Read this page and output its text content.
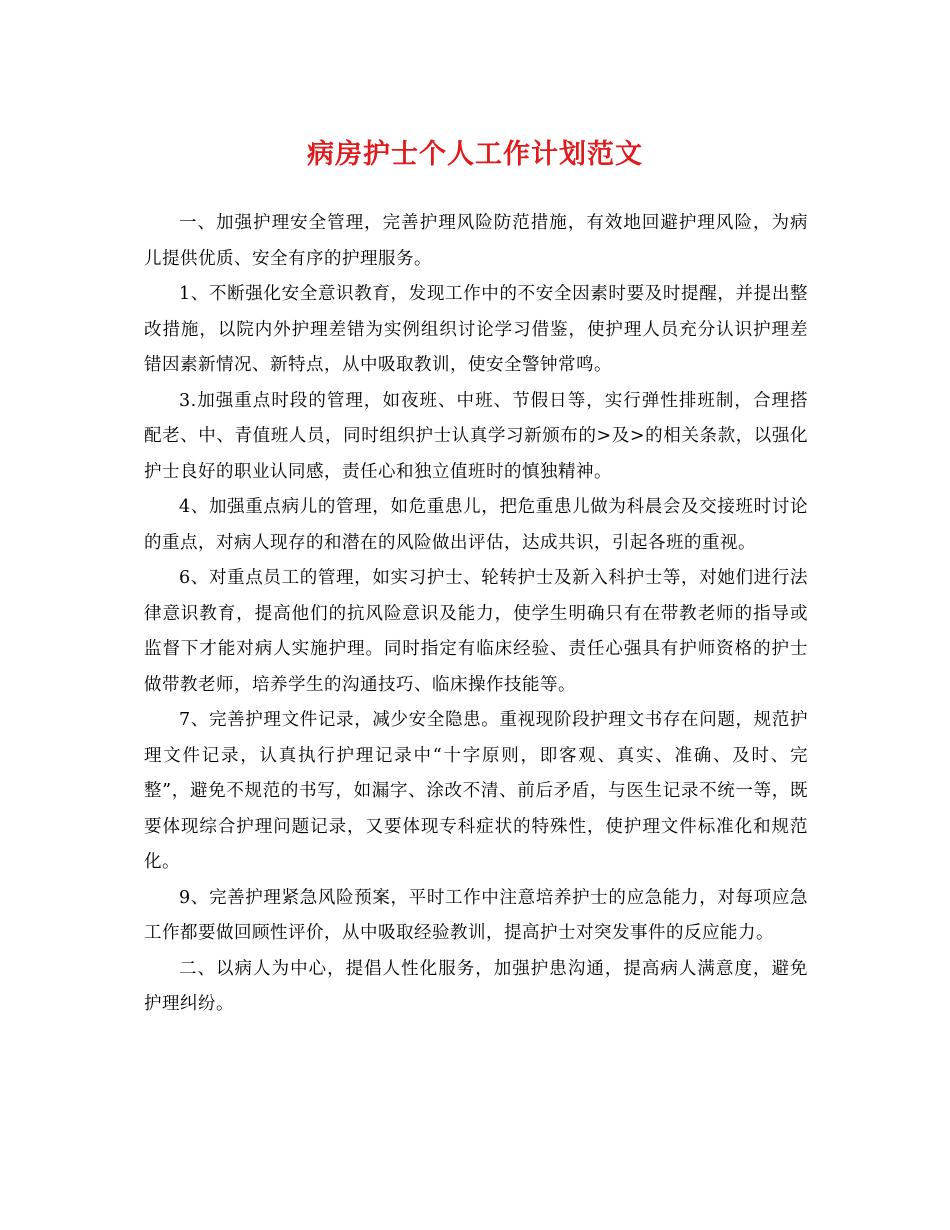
病房护士个人工作计划范文

一、加强护理安全管理，完善护理风险防范措施，有效地回避护理风险，为病儿提供优质、安全有序的护理服务。

1、不断强化安全意识教育，发现工作中的不安全因素时要及时提醒，并提出整改措施，以院内外护理差错为实例组织讨论学习借鉴，使护理人员充分认识护理差错因素新情况、新特点，从中吸取教训，使安全警钟常鸣。

3.加强重点时段的管理，如夜班、中班、节假日等，实行弹性排班制，合理搭配老、中、青值班人员，同时组织护士认真学习新颁布的>及>的相关条款，以强化护士良好的职业认同感，责任心和独立值班时的慎独精神。

4、加强重点病儿的管理，如危重患儿，把危重患儿做为科晨会及交接班时讨论的重点，对病人现存的和潜在的风险做出评估，达成共识，引起各班的重视。

6、对重点员工的管理，如实习护士、轮转护士及新入科护士等，对她们进行法律意识教育，提高他们的抗风险意识及能力，使学生明确只有在带教老师的指导或监督下才能对病人实施护理。同时指定有临床经验、责任心强具有护师资格的护士做带教老师，培养学生的沟通技巧、临床操作技能等。

7、完善护理文件记录，减少安全隐患。重视现阶段护理文书存在问题，规范护理文件记录，认真执行护理记录中“十字原则，即客观、真实、准确、及时、完整”，避免不规范的书写，如漏字、涂改不清、前后矛盾，与医生记录不统一等，既要体现综合护理问题记录，又要体现专科症状的特殊性，使护理文件标准化和规范化。

9、完善护理紧急风险预案，平时工作中注意培养护士的应急能力，对每项应急工作都要做回顾性评价，从中吸取经验教训，提高护士对突发事件的反应能力。

二、以病人为中心，提倡人性化服务，加强护患沟通，提高病人满意度，避免护理纠纷。
